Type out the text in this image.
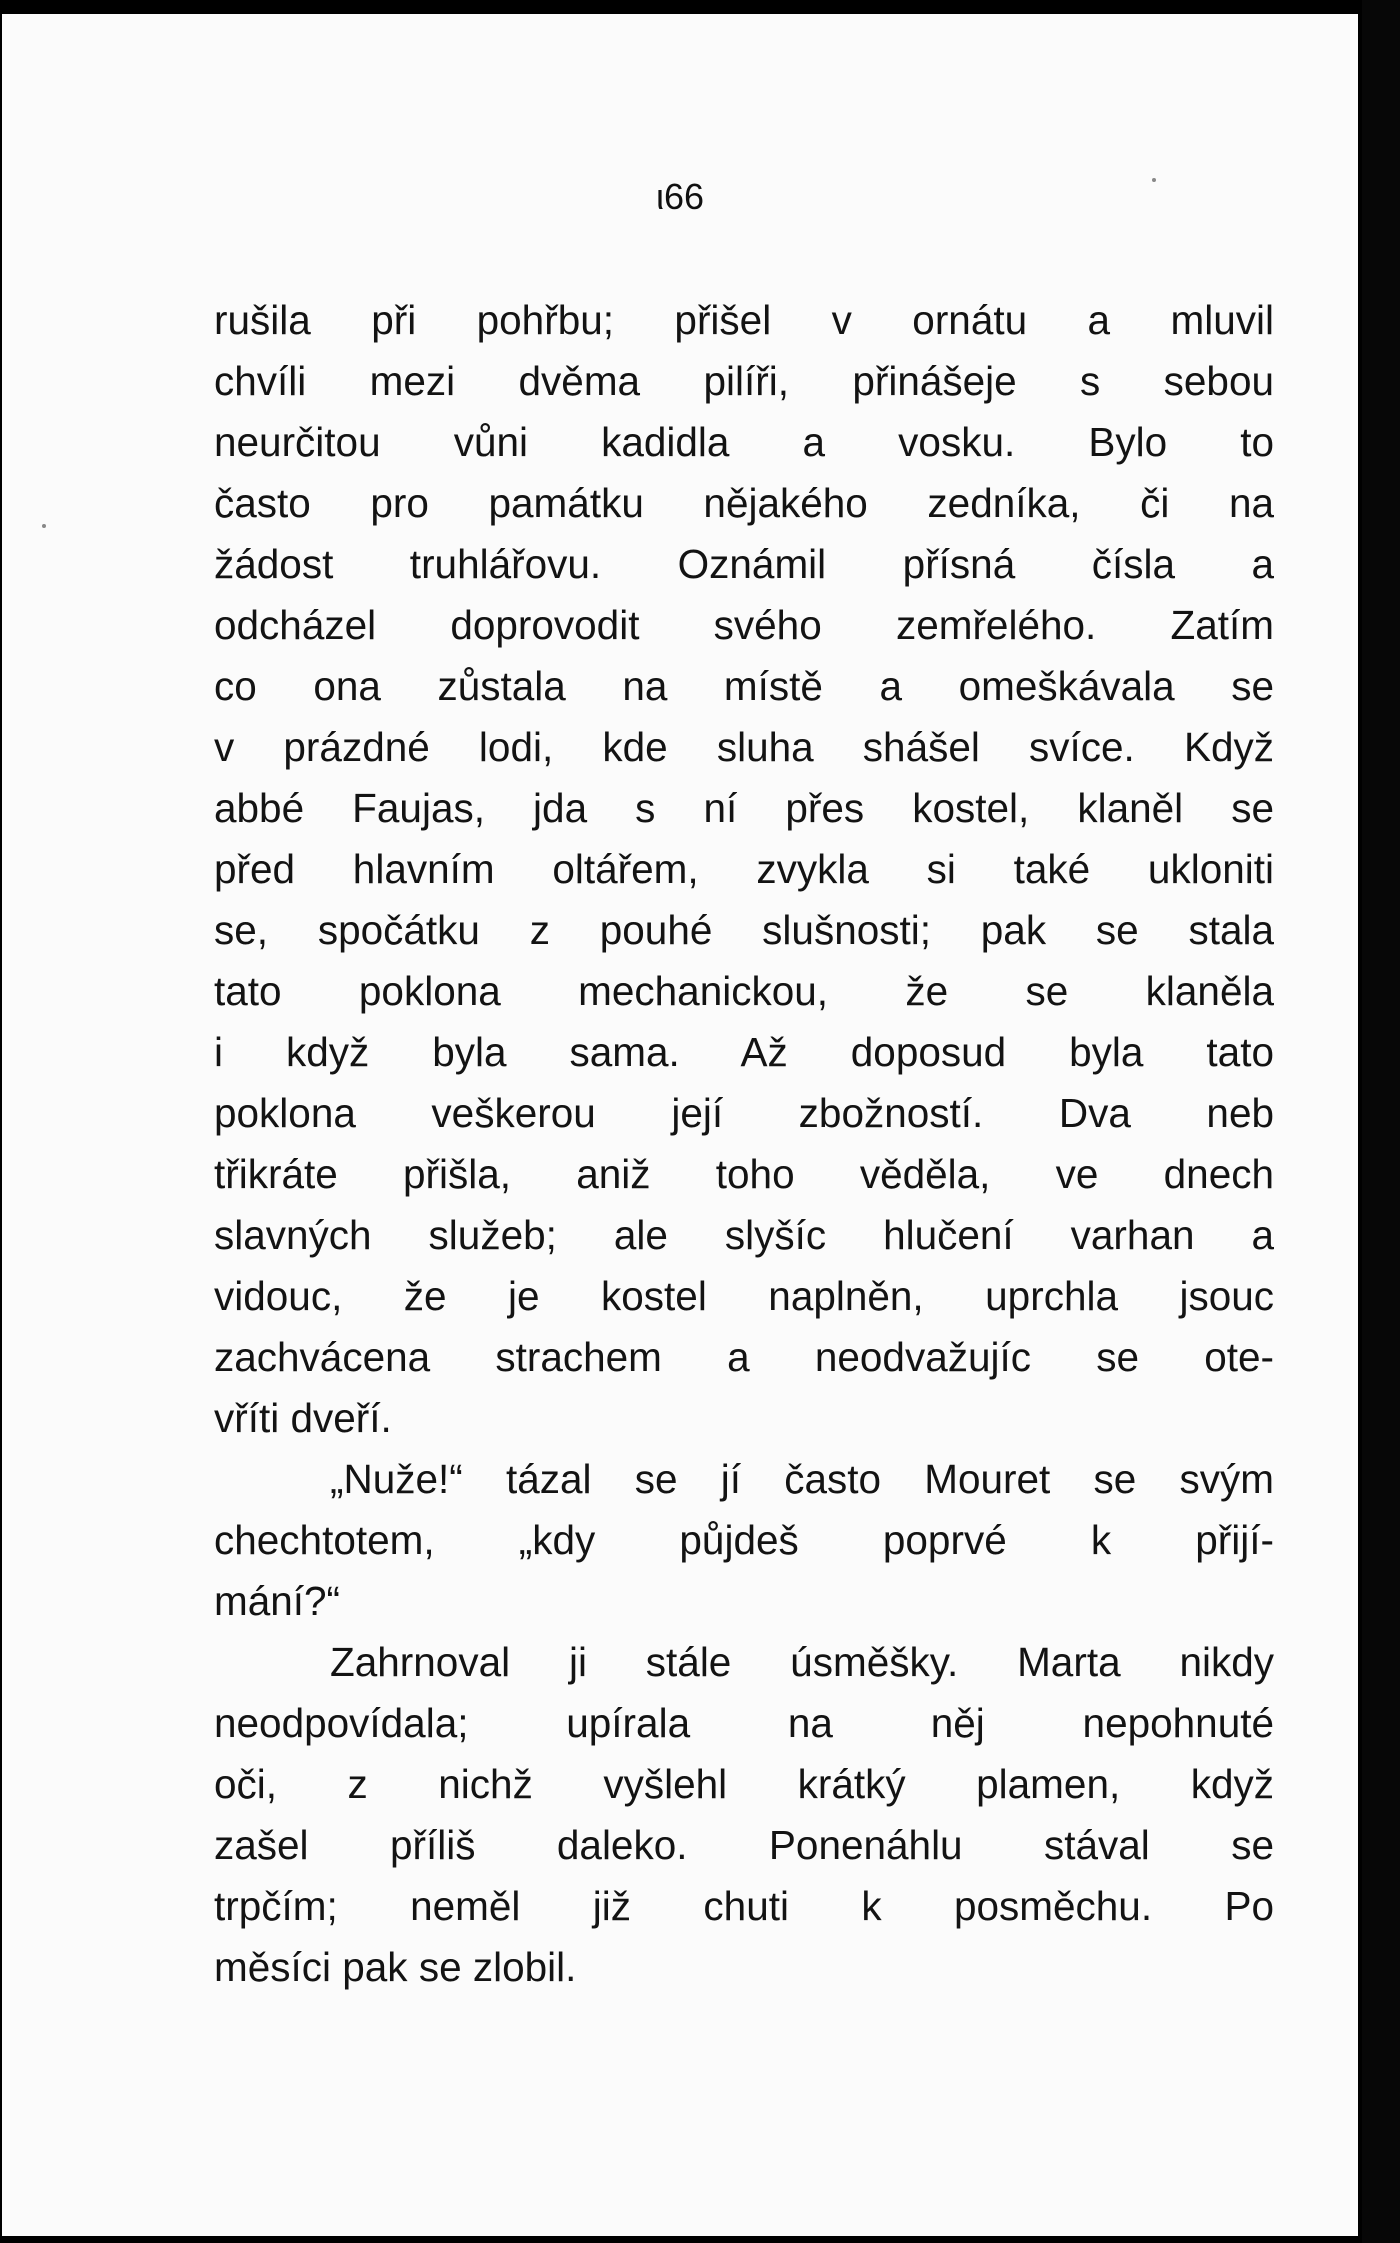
ι66

rušila při pohřbu; přišel v ornátu a mluvil
chvíli mezi dvěma pilíři, přinášeje s sebou
neurčitou vůni kadidla a vosku. Bylo to
často pro památku nějakého zedníka, či na
žádost truhlářovu. Oznámil přísná čísla a
odcházel doprovodit svého zemřelého. Zatím
co ona zůstala na místě a omeškávala se
v prázdné lodi, kde sluha shášel svíce. Když
abbé Faujas, jda s ní přes kostel, klaněl se
před hlavním oltářem, zvykla si také ukloniti
se, spočátku z pouhé slušnosti; pak se stala
tato poklona mechanickou, že se klaněla
i když byla sama. Až doposud byla tato
poklona veškerou její zbožností. Dva neb
třikráte přišla, aniž toho věděla, ve dnech
slavných služeb; ale slyšíc hlučení varhan a
vidouc, že je kostel naplněn, uprchla jsouc
zachvácena strachem a neodvažujíc se ote-
vříti dveří.
„Nuže!“ tázal se jí často Mouret se svým
chechtotem, „kdy půjdeš poprvé k přijí-
mání?“
Zahrnoval ji stále úsměšky. Marta nikdy
neodpovídala; upírala na něj nepohnuté
oči, z nichž vyšlehl krátký plamen, když
zašel příliš daleko. Ponenáhlu stával se
trpčím; neměl již chuti k posměchu. Po
měsíci pak se zlobil.
